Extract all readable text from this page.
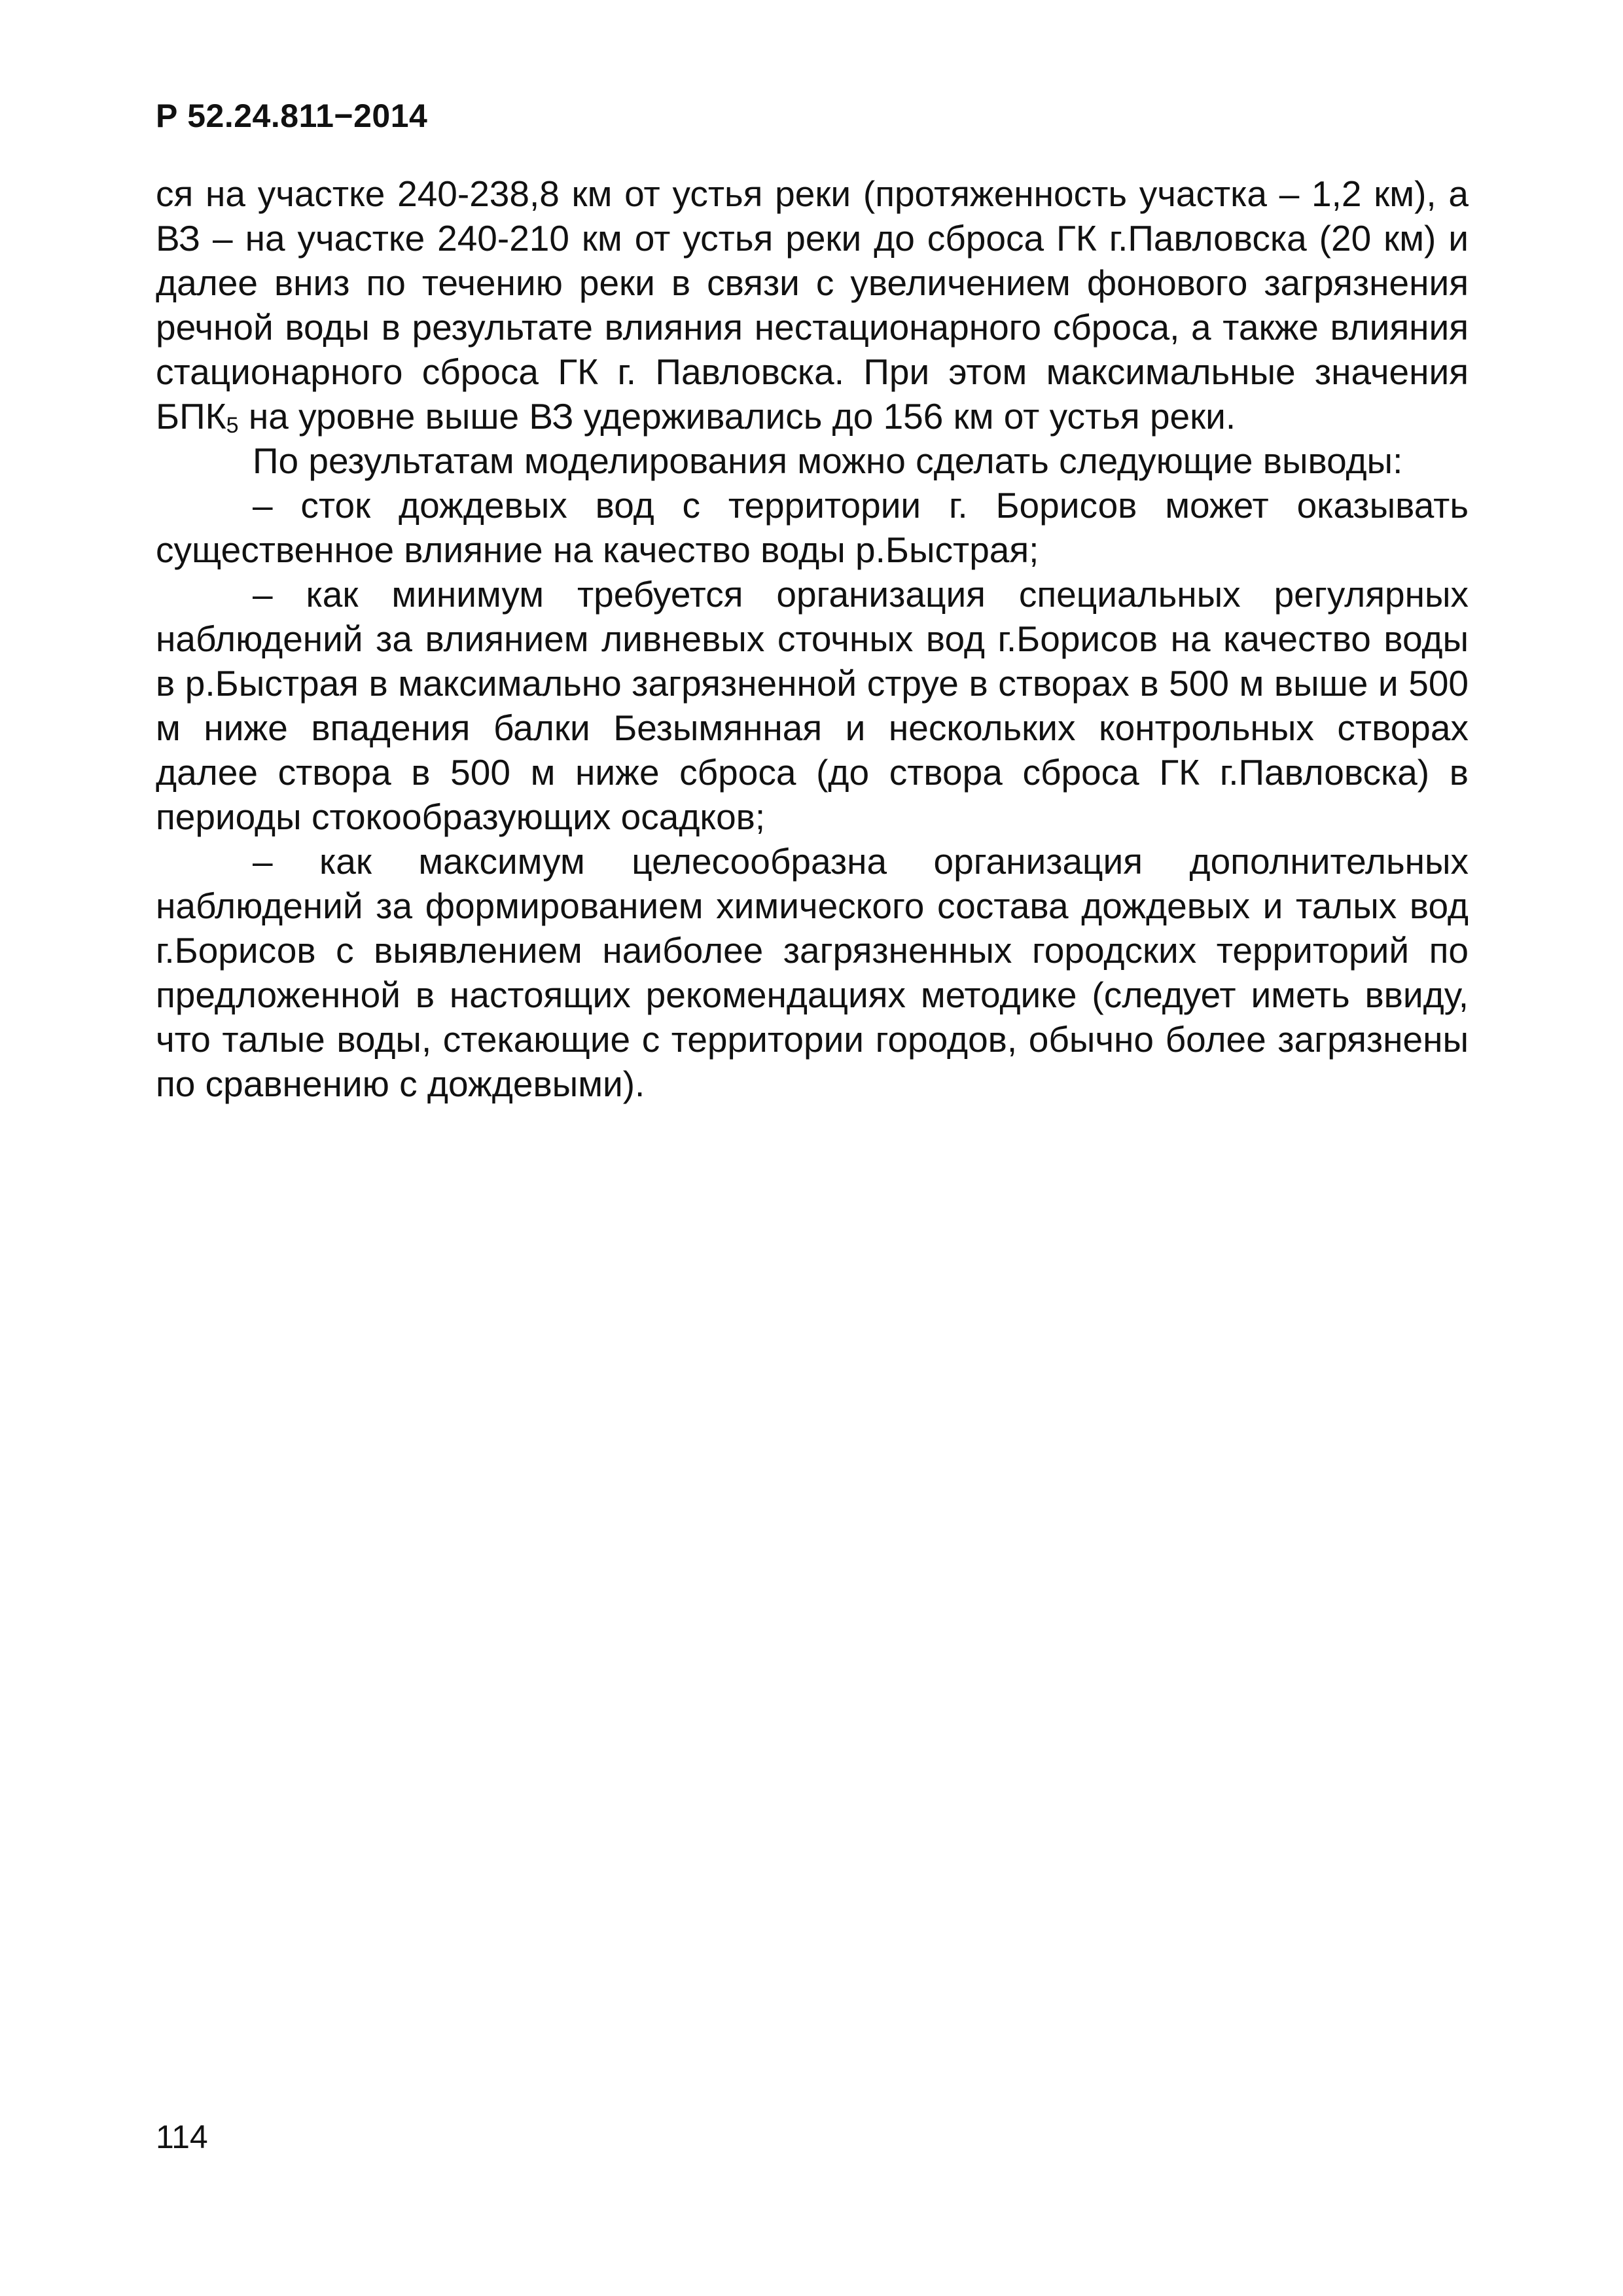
Р 52.24.811−2014

ся на участке 240-238,8 км от устья реки (протяженность участка – 1,2 км), а ВЗ – на участке 240-210 км от устья реки до сброса ГК г.Павловска (20 км) и далее вниз по течению реки в связи с увеличением фонового загрязнения речной воды в результате влияния нестационарного сброса, а также влияния стационарного сброса ГК г. Павловска. При этом максимальные значения $БПК_5$ на уровне выше ВЗ удерживались до 156 км от устья реки.

По результатам моделирования можно сделать следующие выводы:

– сток дождевых вод с территории г. Борисов может оказывать существенное влияние на качество воды р.Быстрая;

– как минимум требуется организация специальных регулярных наблюдений за влиянием ливневых сточных вод г.Борисов на качество воды в р.Быстрая в максимально загрязненной струе в створах в 500 м выше и 500 м ниже впадения балки Безымянная и нескольких контрольных створах далее створа в 500 м ниже сброса (до створа сброса ГК г.Павловска) в периоды стокообразующих осадков;

– как максимум целесообразна организация дополнительных наблюдений за формированием химического состава дождевых и талых вод г.Борисов с выявлением наиболее загрязненных городских территорий по предложенной в настоящих рекомендациях методике (следует иметь ввиду, что талые воды, стекающие с территории городов, обычно более загрязнены по сравнению с дождевыми).

114
